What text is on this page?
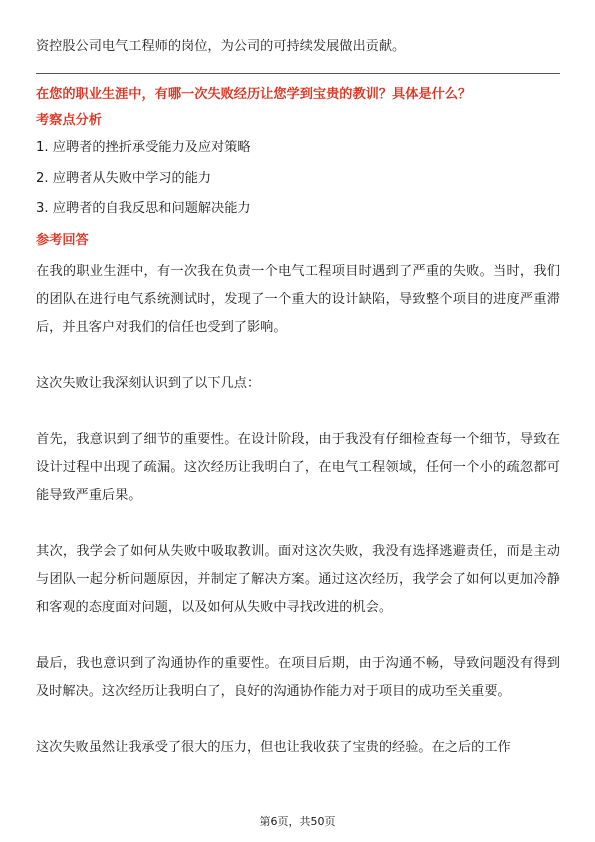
资控股公司电气工程师的岗位，为公司的可持续发展做出贡献。
在您的职业生涯中，有哪一次失败经历让您学到宝贵的教训？具体是什么？
考察点分析
1. 应聘者的挫折承受能力及应对策略
2. 应聘者从失败中学习的能力
3. 应聘者的自我反思和问题解决能力
参考回答

在我的职业生涯中，有一次我在负责一个电气工程项目时遇到了严重的失败。当时，我们的团队在进行电气系统测试时，发现了一个重大的设计缺陷，导致整个项目的进度严重滞后，并且客户对我们的信任也受到了影响。

这次失败让我深刻认识到了以下几点：

首先，我意识到了细节的重要性。在设计阶段，由于我没有仔细检查每一个细节，导致在设计过程中出现了疏漏。这次经历让我明白了，在电气工程领域，任何一个小的疏忽都可能导致严重后果。

其次，我学会了如何从失败中吸取教训。面对这次失败，我没有选择逃避责任，而是主动与团队一起分析问题原因，并制定了解决方案。通过这次经历，我学会了如何以更加冷静和客观的态度面对问题，以及如何从失败中寻找改进的机会。

最后，我也意识到了沟通协作的重要性。在项目后期，由于沟通不畅，导致问题没有得到及时解决。这次经历让我明白了，良好的沟通协作能力对于项目的成功至关重要。

这次失败虽然让我承受了很大的压力，但也让我收获了宝贵的经验。在之后的工作

第6页，共50页
